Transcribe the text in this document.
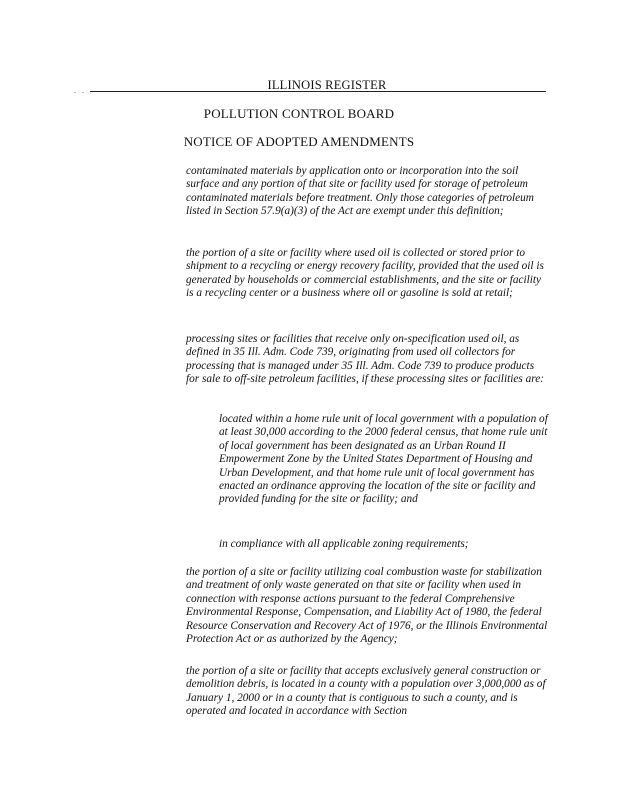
. .	ILLINOIS REGISTER
POLLUTION CONTROL BOARD
NOTICE OF ADOPTED AMENDMENTS
contaminated materials by application onto or incorporation into the soil surface and any portion of that site or facility used for storage of petroleum contaminated materials before treatment. Only those categories of petroleum listed in Section 57.9(a)(3) of the Act are exempt under this definition;
the portion of a site or facility where used oil is collected or stored prior to shipment to a recycling or energy recovery facility, provided that the used oil is generated by households or commercial establishments, and the site or facility is a recycling center or a business where oil or gasoline is sold at retail;
processing sites or facilities that receive only on-specification used oil, as defined in 35 Ill. Adm. Code 739, originating from used oil collectors for processing that is managed under 35 Ill. Adm. Code 739 to produce products for sale to off-site petroleum facilities, if these processing sites or facilities are:
located within a home rule unit of local government with a population of at least 30,000 according to the 2000 federal census, that home rule unit of local government has been designated as an Urban Round II Empowerment Zone by the United States Department of Housing and Urban Development, and that home rule unit of local government has enacted an ordinance approving the location of the site or facility and provided funding for the site or facility; and
in compliance with all applicable zoning requirements;
the portion of a site or facility utilizing coal combustion waste for stabilization and treatment of only waste generated on that site or facility when used in connection with response actions pursuant to the federal Comprehensive Environmental Response, Compensation, and Liability Act of 1980, the federal Resource Conservation and Recovery Act of 1976, or the Illinois Environmental Protection Act or as authorized by the Agency;
the portion of a site or facility that accepts exclusively general construction or demolition debris, is located in a county with a population over 3,000,000 as of January 1, 2000 or in a county that is contiguous to such a county, and is operated and located in accordance with Section
